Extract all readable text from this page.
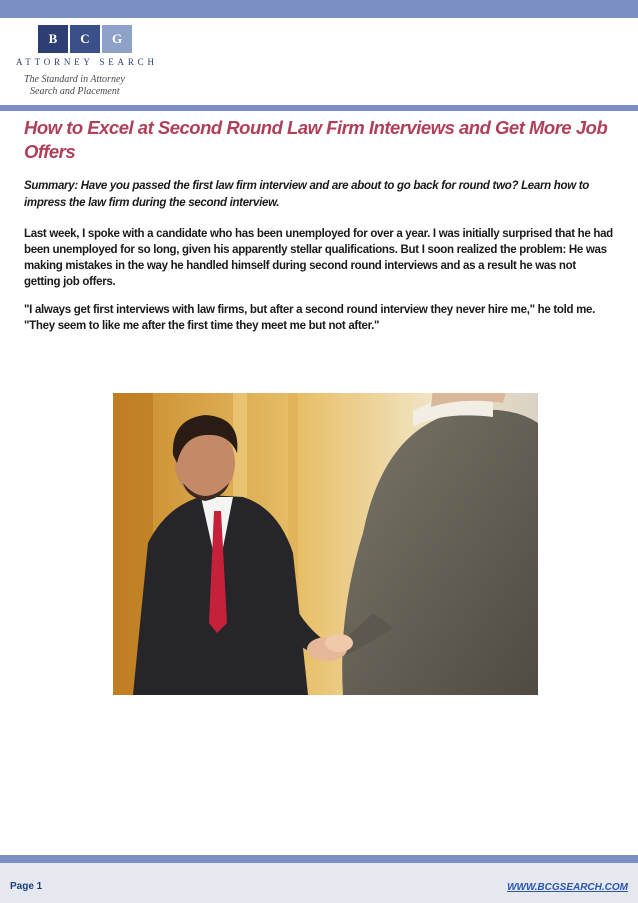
B	C	G
ATTORNEY SEARCH
The Standard in Attorney
Search and Placement
How to Excel at Second Round Law Firm Interviews and Get More Job Offers

Summary: Have you passed the first law firm interview and are about to go back for round two? Learn how to impress the law firm during the second interview.

Last week, I spoke with a candidate who has been unemployed for over a year. I was initially surprised that he had been unemployed for so long, given his apparently stellar qualifications. But I soon realized the problem: He was making mistakes in the way he handled himself during second round interviews and as a result he was not getting job offers.

"I always get first interviews with law firms, but after a second round interview they never hire me," he told me. "They seem to like me after the first time they meet me but not after."

Page 1	WWW.BCGSEARCH.COM
